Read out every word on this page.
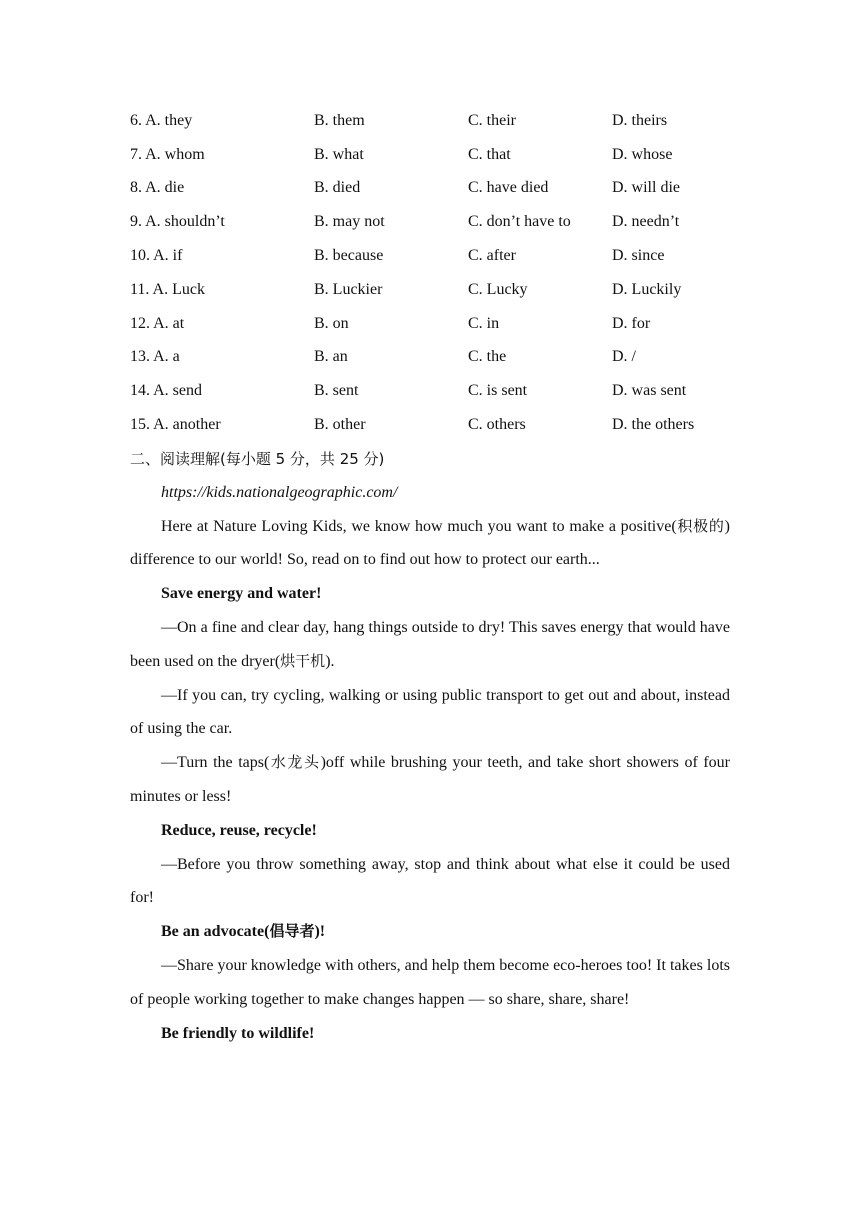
6. A. they	B. them	C. their	D. theirs
7. A. whom	B. what	C. that	D. whose
8. A. die	B. died	C. have died	D. will die
9. A. shouldn’t	B. may not	C. don’t have to	D. needn’t
10. A. if	B. because	C. after	D. since
11. A. Luck	B. Luckier	C. Lucky	D. Luckily
12. A. at	B. on	C. in	D. for
13. A. a	B. an	C. the	D. /
14. A. send	B. sent	C. is sent	D. was sent
15. A. another	B. other	C. others	D. the others
二、阅读理解(每小题 5 分，共 25 分)

https://kids.nationalgeographic.com/

Here at Nature Loving Kids, we know how much you want to make a positive(积极的) difference to our world! So, read on to find out how to protect our earth...

Save energy and water!

—On a fine and clear day, hang things outside to dry! This saves energy that would have been used on the dryer(烘干机).

—If you can, try cycling, walking or using public transport to get out and about, instead of using the car.

—Turn the taps(水龙头)off while brushing your teeth, and take short showers of four minutes or less!

Reduce, reuse, recycle!

—Before you throw something away, stop and think about what else it could be used for!

Be an advocate(倡导者)!

—Share your knowledge with others, and help them become eco-heroes too! It takes lots of people working together to make changes happen — so share, share, share!

Be friendly to wildlife!
